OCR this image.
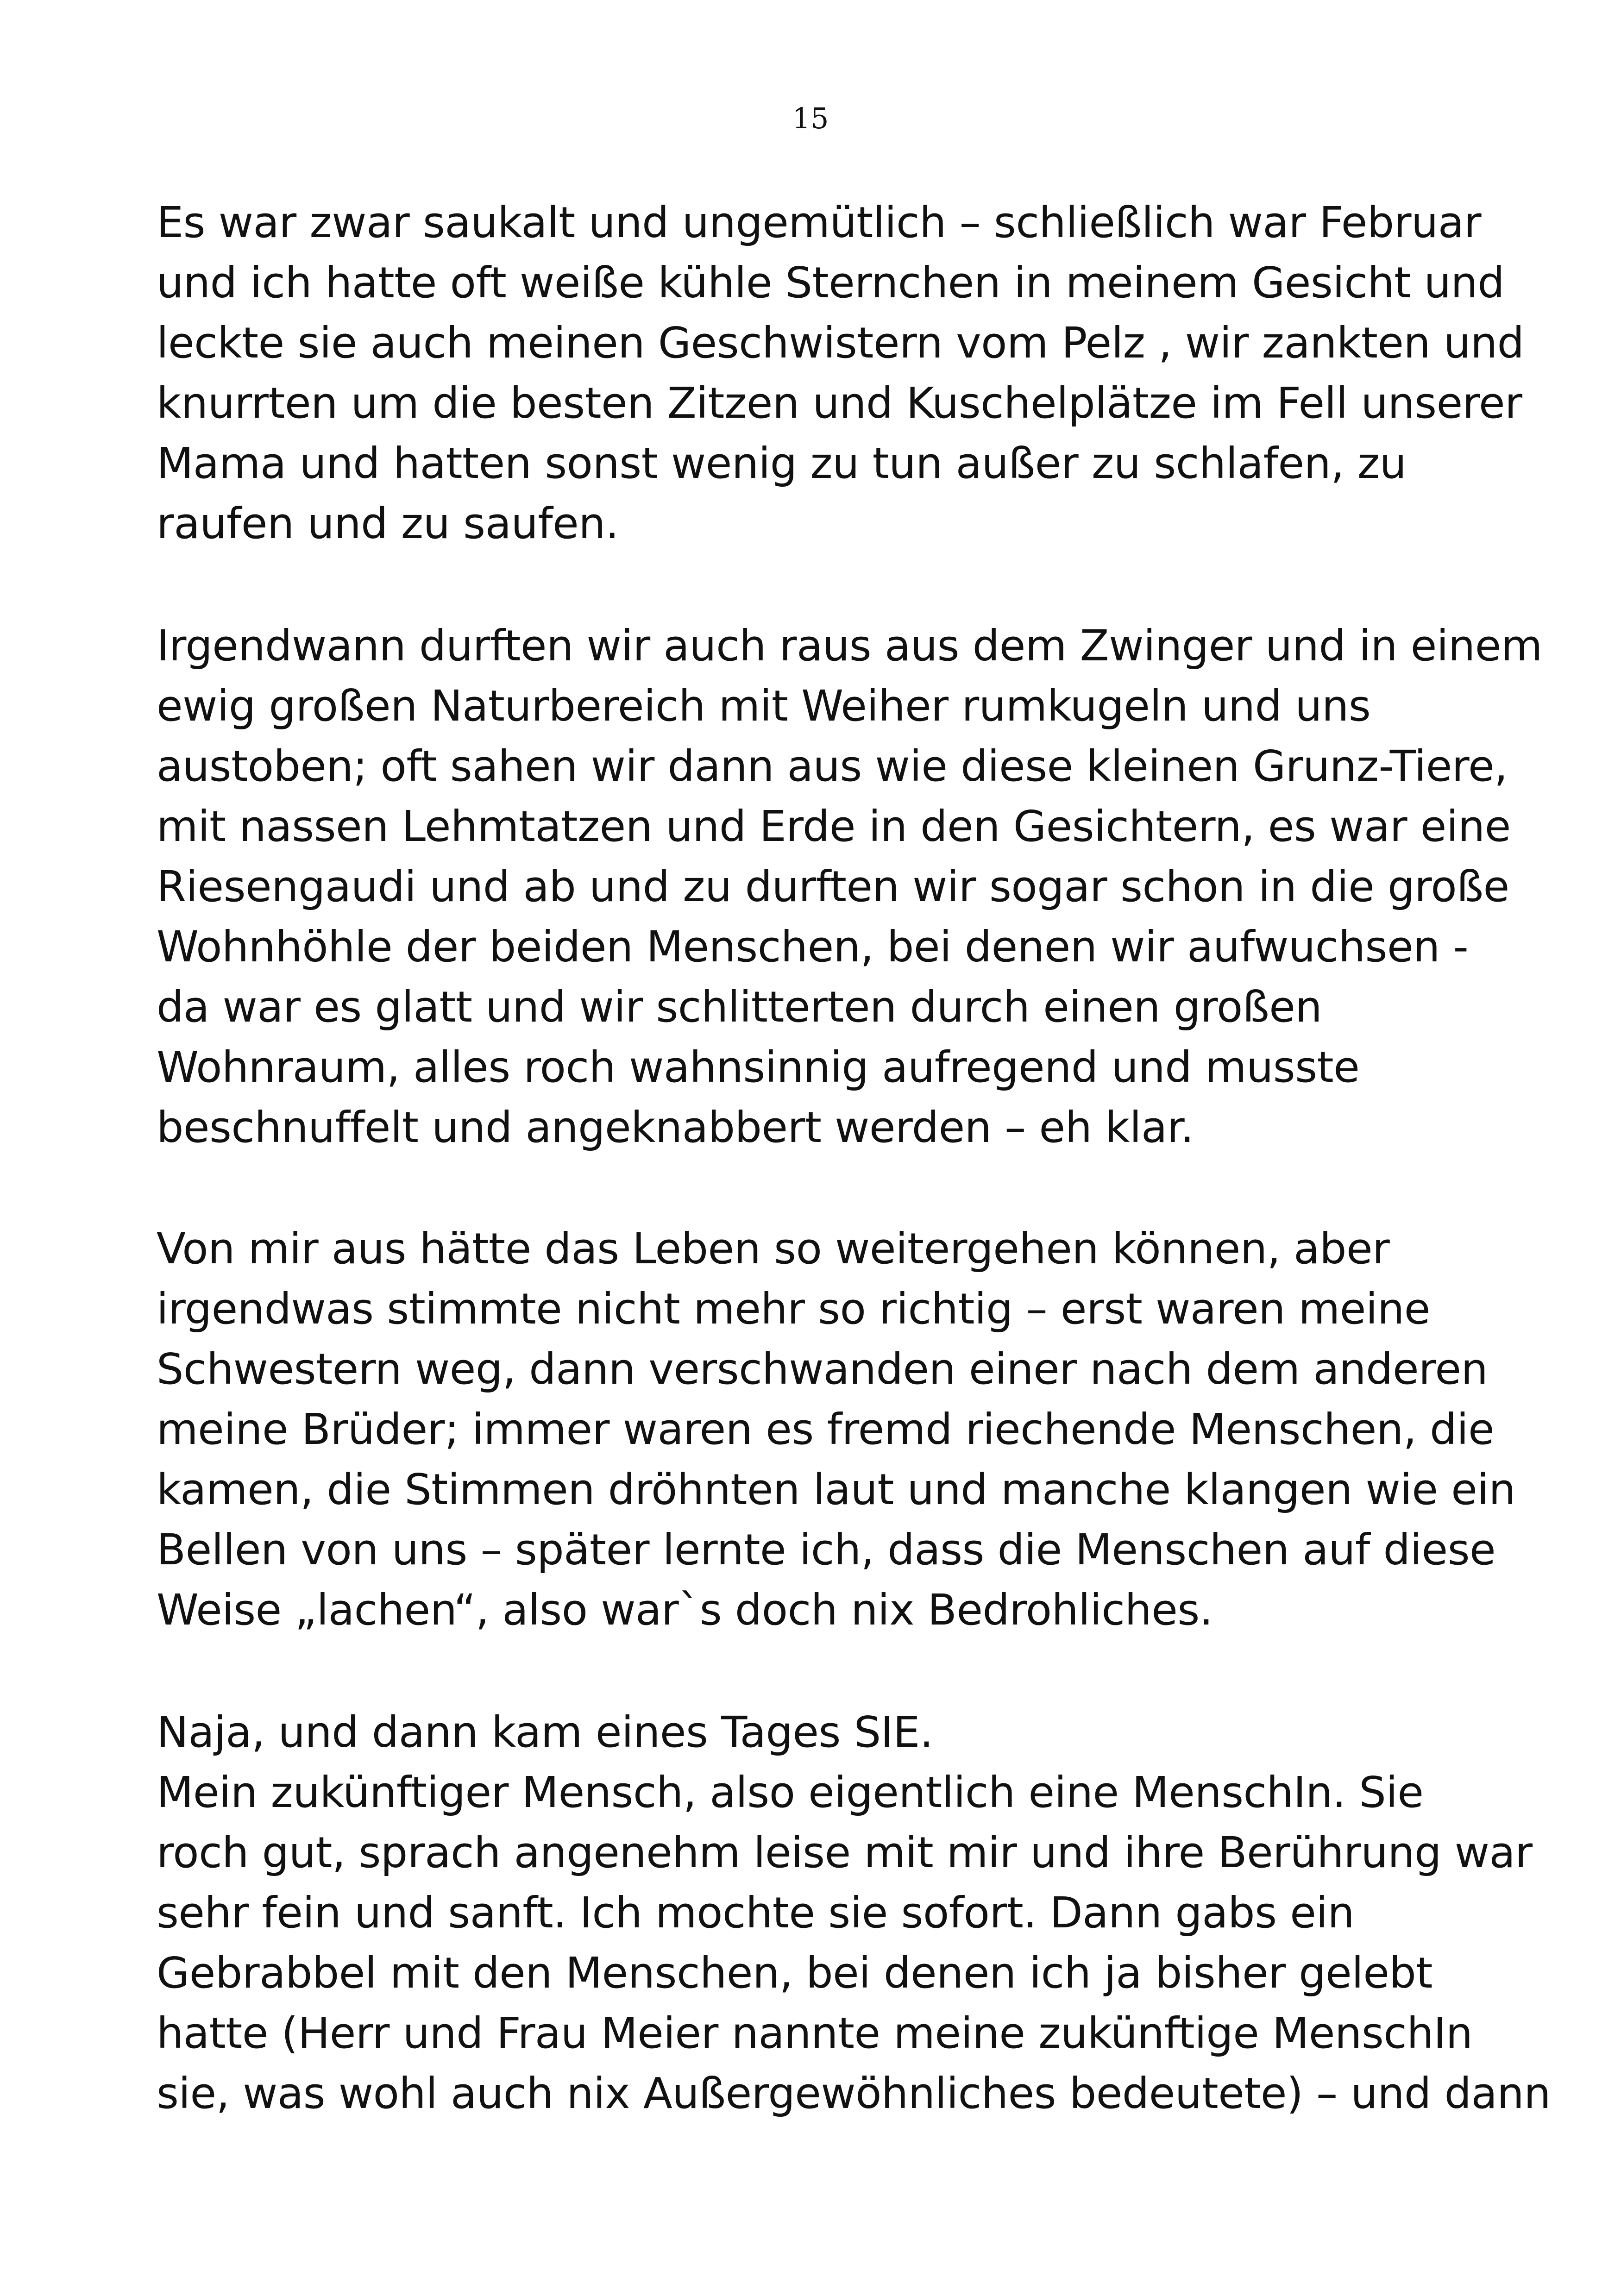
15
Es war zwar saukalt und ungemütlich – schließlich war Februar
und ich hatte oft weiße kühle Sternchen in meinem Gesicht und
leckte sie auch meinen Geschwistern vom Pelz , wir zankten und
knurrten um die besten Zitzen und Kuschelplätze im Fell unserer
Mama und hatten sonst wenig zu tun außer zu schlafen, zu
raufen und zu saufen.
Irgendwann durften wir auch raus aus dem Zwinger und in einem
ewig großen Naturbereich mit Weiher rumkugeln und uns
austoben; oft sahen wir dann aus wie diese kleinen Grunz-Tiere,
mit nassen Lehmtatzen und Erde in den Gesichtern, es war eine
Riesengaudi und ab und zu durften wir sogar schon in die große
Wohnhöhle der beiden Menschen, bei denen wir aufwuchsen -
da war es glatt und wir schlitterten durch einen großen
Wohnraum, alles roch wahnsinnig aufregend und musste
beschnuffelt und angeknabbert werden – eh klar.
Von mir aus hätte das Leben so weitergehen können, aber
irgendwas stimmte nicht mehr so richtig – erst waren meine
Schwestern weg, dann verschwanden einer nach dem anderen
meine Brüder; immer waren es fremd riechende Menschen, die
kamen, die Stimmen dröhnten laut und manche klangen wie ein
Bellen von uns – später lernte ich, dass die Menschen auf diese
Weise „lachen“, also war`s doch nix Bedrohliches.
Naja, und dann kam eines Tages SIE.
Mein zukünftiger Mensch, also eigentlich eine MenschIn. Sie
roch gut, sprach angenehm leise mit mir und ihre Berührung war
sehr fein und sanft. Ich mochte sie sofort. Dann gabs ein
Gebrabbel mit den Menschen, bei denen ich ja bisher gelebt
hatte (Herr und Frau Meier nannte meine zukünftige MenschIn
sie, was wohl auch nix Außergewöhnliches bedeutete) – und dann
